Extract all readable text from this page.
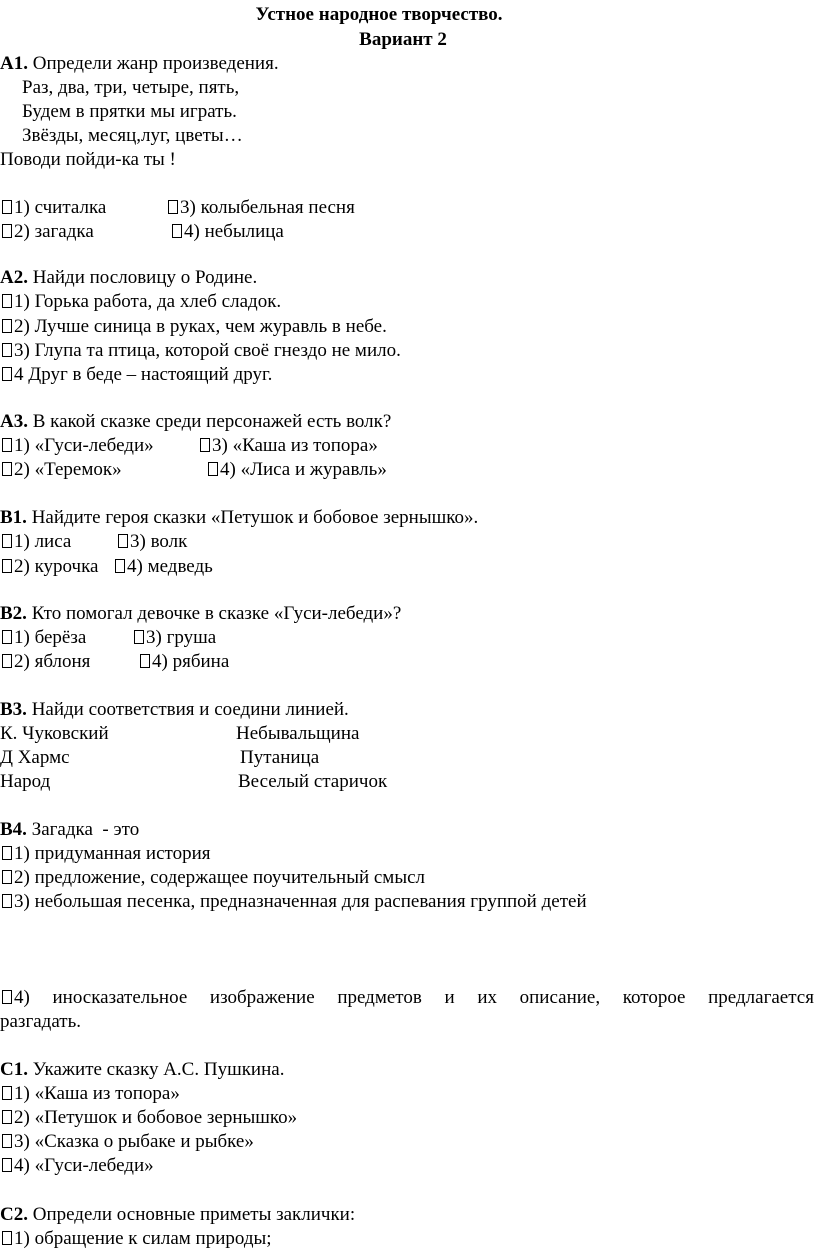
Устное народное творчество.
Вариант 2
А1. Определи жанр произведения.
Раз, два, три, четыре, пять,
Будем в прятки мы играть.
Звёзды, месяц,луг, цветы…
Поводи пойди-ка ты !
1) считалка	3) колыбельная песня
2) загадка	4) небылица
А2. Найди пословицу о Родине.
1) Горька работа, да хлеб сладок.
2) Лучше синица в руках, чем журавль в небе.
3) Глупа та птица, которой своё гнездо не мило.
4 Друг в беде – настоящий друг.
А3. В какой сказке среди персонажей есть волк?
1) «Гуси-лебеди»	3) «Каша из топора»
2) «Теремок»	4) «Лиса и журавль»
В1. Найдите героя сказки «Петушок и бобовое зернышко».
1) лиса	3) волк
2) курочка	4) медведь
В2. Кто помогал девочке в сказке «Гуси-лебеди»?
1) берёза	3) груша
2) яблоня	4) рябина
В3. Найди соответствия и соедини линией.
К. Чуковский	Небывальщина
Д Хармс	Путаница
Народ	Веселый старичок
В4. Загадка  - это
1) придуманная история
2) предложение, содержащее поучительный смысл
3) небольшая песенка, предназначенная для распевания группой детей
4) иносказательное изображение предметов и их описание, которое предлагается
разгадать.
С1. Укажите сказку А.С. Пушкина.
1) «Каша из топора»
2) «Петушок и бобовое зернышко»
3) «Сказка о рыбаке и рыбке»
4) «Гуси-лебеди»
С2. Определи основные приметы заклички:
1) обращение к силам природы;
